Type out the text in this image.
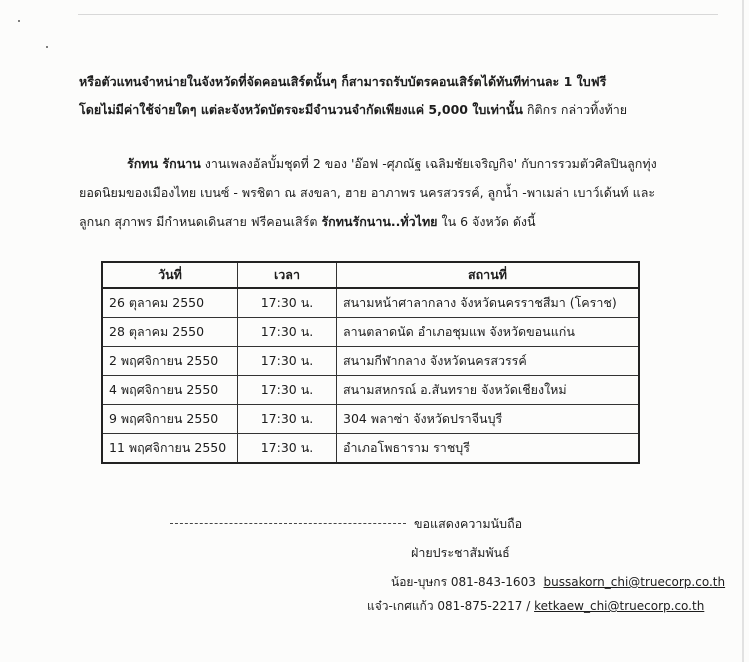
หรือตัวแทนจำหน่ายในจังหวัดที่จัดคอนเสิร์ตนั้นๆ ก็สามารถรับบัตรคอนเสิร์ตได้ทันทีท่านละ 1 ใบฟรี
โดยไม่มีค่าใช้จ่ายใดๆ แต่ละจังหวัดบัตรจะมีจำนวนจำกัดเพียงแค่ 5,000 ใบเท่านั้น กิติกร กล่าวทิ้งท้าย
รักทน รักนาน งานเพลงอัลบั้มชุดที่ 2 ของ 'อ๊อฟ -ศุภณัฐ เฉลิมชัยเจริญกิจ' กับการรวมตัวศิลปินลูกทุ่ง
ยอดนิยมของเมืองไทย เบนซ์ - พรชิตา ณ สงขลา, ฮาย อาภาพร นครสวรรค์, ลูกน้ำ -พาเมล่า เบาว์เด้นท์ และ
ลูกนก สุภาพร มีกำหนดเดินสาย ฟรีคอนเสิร์ต รักทนรักนาน..ทั่วไทย ใน 6 จังหวัด ดังนี้
วันที่	เวลา	สถานที่
26 ตุลาคม 2550	17:30 น.	สนามหน้าศาลากลาง จังหวัดนครราชสีมา (โคราช)
28 ตุลาคม 2550	17:30 น.	ลานตลาดนัด อำเภอชุมแพ จังหวัดขอนแก่น
2 พฤศจิกายน 2550	17:30 น.	สนามกีฬากลาง จังหวัดนครสวรรค์
4 พฤศจิกายน 2550	17:30 น.	สนามสหกรณ์ อ.สันทราย จังหวัดเชียงใหม่
9 พฤศจิกายน 2550	17:30 น.	304 พลาซ่า จังหวัดปราจีนบุรี
11 พฤศจิกายน 2550	17:30 น.	อำเภอโพธาราม ราชบุรี
ขอแสดงความนับถือ
ฝ่ายประชาสัมพันธ์
น้อย-บุษกร 081-843-1603 bussakorn_chi@truecorp.co.th
แจ๋ว-เกศแก้ว 081-875-2217 / ketkaew_chi@truecorp.co.th
